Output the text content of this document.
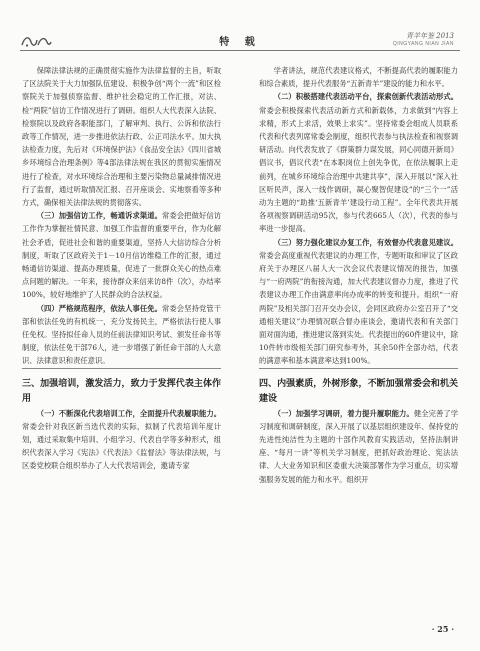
特 载
青羊年鉴 2013
QINGYANG NIAN JIAN

保障法律法规的正确贯彻实施作为法律监督的主旨，听取了区法院关于大力加强队伍建设、积极争创“两个一流”和区检察院关于加强侦察监督、维护社会稳定的工作汇报，对法、检“两院”信访工作情况进行了调研。组织人大代表深入法院、检察院以及政府各职能部门，了解审判、执行、公诉和依法行政等工作情况，进一步推进依法行政、公正司法水平。加大执法检查力度，先后对《环境保护法》《食品安全法》《四川省城乡环境综合治理条例》等4部法律法规在我区的贯彻实施情况进行了检查，对水环境综合治理和主要污染物总量减排情况进行了监督，通过听取情况汇报、召开座谈会、实地察看等多种方式，确保相关法律法规的贯彻落实。

（三）加强信访工作，畅通诉求渠道。常委会把做好信访工作作为掌握社情民意、加强工作监督的重要平台，作为化解社会矛盾，促进社会和谐的重要渠道，坚持人大信访综合分析制度，听取了区政府关于1－10月信访维稳工作的汇报，通过畅通信访渠道、提高办理质量，促进了一批群众关心的热点难点问题的解决。一年来，接待群众来信来访8件（次），办结率100%，较好地维护了人民群众的合法权益。

（四）严格规范程序，依法人事任免。常委会坚持党管干部和依法任免的有机统一，充分发扬民主，严格依法行使人事任免权。坚持拟任命人员的任前法律知识考试、颁发任命书等制度，依法任免干部76人，进一步增强了新任命干部的人大意识、法律意识和责任意识。

三、加强培训，激发活力，致力于发挥代表主体作用

（一）不断深化代表培训工作，全面提升代表履职能力。常委会针对我区新当选代表的实际，拟制了代表培训年度计划，通过采取集中培训、小组学习、代表自学等多种形式，组织代表深入学习《宪法》《代表法》《监督法》等法律法规，与区委党校联合组织举办了人大代表培训会，邀请专家

学者讲法，规范代表建议格式，不断提高代表的履职能力和综合素质，提升代表服务“五新青羊”建设的能力和水平。

（二）积极搭建代表活动平台，探索创新代表活动形式。常委会积极探索代表活动新方式和新载体，力求做到“内容上求精，形式上求活，效果上求实”。坚持常委会组成人员联系代表和代表列席常委会制度，组织代表参与执法检查和视察调研活动。向代表发放了《群策群力谋发展，同心同德开新局》倡议书，倡议代表“在本职岗位上创先争优，在依法履职上走前列，在城乡环境综合治理中共建共享”，深入开展以“深入社区听民声，深入一线作调研，凝心聚智促建设”的“三个一”活动为主题的“助推‘五新青羊’建设行动工程”。全年代表共开展各项视察调研活动95次，参与代表665人（次），代表的参与率进一步提高。

（三）努力强化建议办复工作，有效督办代表意见建议。常委会高度重视代表建议的办理工作，专题听取和审议了区政府关于办理区八届人大一次会议代表建议情况的报告，加强与“一府两院”的衔接沟通，加大代表建议督办力度，推进了代表建议办理工作由满意率向办成率的转变和提升。组织“一府两院”及相关部门召开交办会议，会同区政府办公室召开了“交通相关建议”办理情况联合督办座谈会，邀请代表和有关部门面对面沟通，推进建议落到实处。代表提出的60件建议中，除10件转市级相关部门研究参考外，其余50件全部办结，代表的满意率和基本满意率达到100%。

四、内强素质，外树形象，不断加强常委会和机关建设

（一）加强学习调研，着力提升履职能力。健全完善了学习制度和调研制度，深入开展了以基层组织建设年、保持党的先进性纯洁性为主题的十部作风教育实践活动，坚持法制讲座、“每月一讲”等机关学习制度，把抓好政治理论、宪法法律、人大业务知识和区委重大决策部署作为学习重点，切实增强服务发展的能力和水平。组织开

· 25 ·
